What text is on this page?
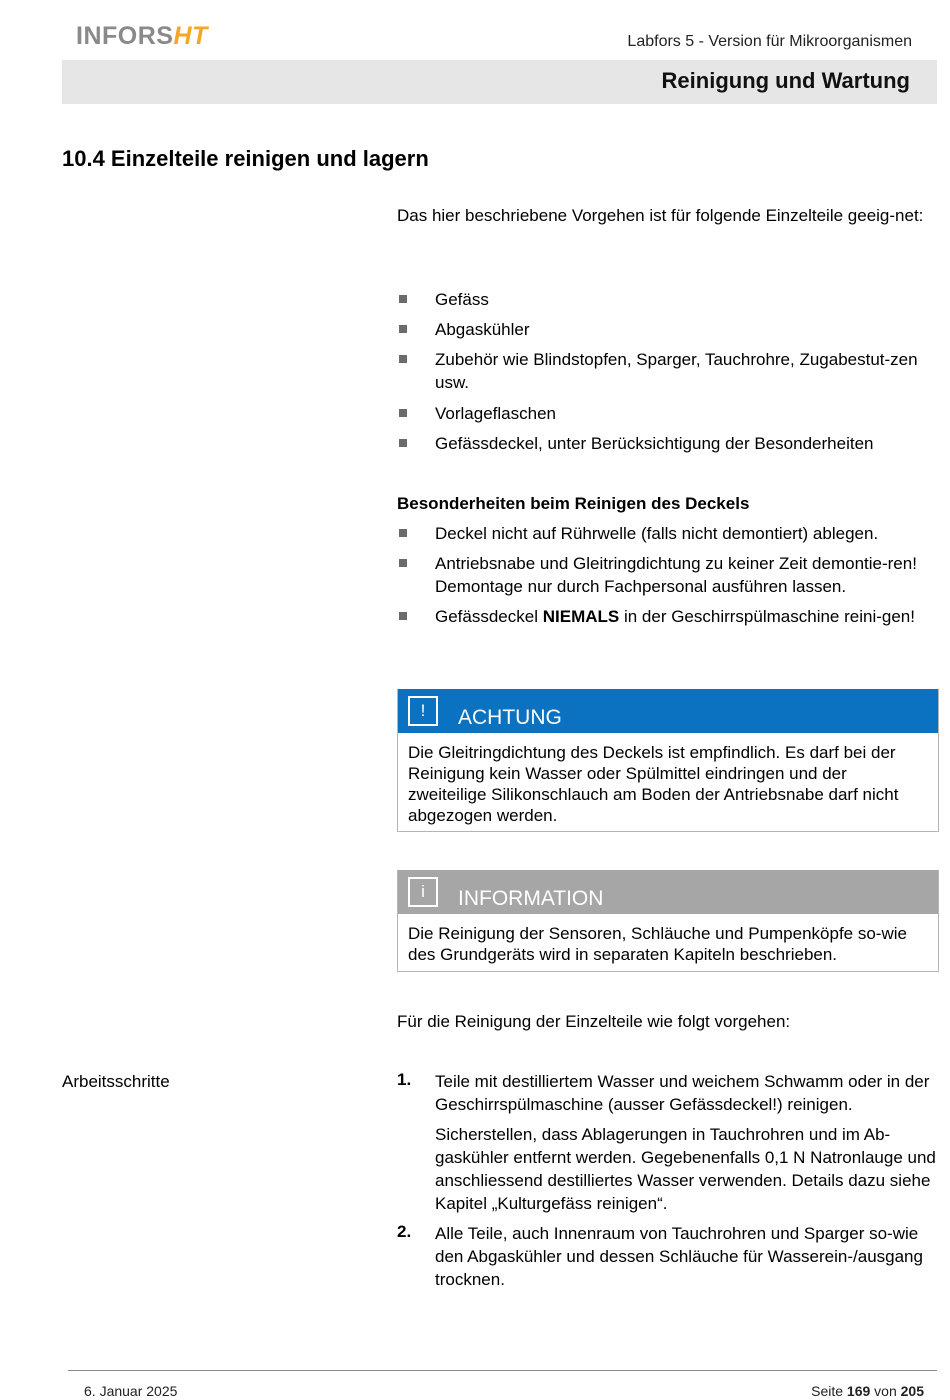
INFORSHT	Labfors 5 - Version für Mikroorganismen
Reinigung und Wartung
10.4 Einzelteile reinigen und lagern
Das hier beschriebene Vorgehen ist für folgende Einzelteile geeig-net:
Gefäss
Abgaskühler
Zubehör wie Blindstopfen, Sparger, Tauchrohre, Zugabestut-zen usw.
Vorlageflaschen
Gefässdeckel, unter Berücksichtigung der Besonderheiten
Besonderheiten beim Reinigen des Deckels
Deckel nicht auf Rührwelle (falls nicht demontiert) ablegen.
Antriebsnabe und Gleitringdichtung zu keiner Zeit demontie-ren! Demontage nur durch Fachpersonal ausführen lassen.
Gefässdeckel NIEMALS in der Geschirrspülmaschine reini-gen!
!	ACHTUNG
Die Gleitringdichtung des Deckels ist empfindlich. Es darf bei der Reinigung kein Wasser oder Spülmittel eindringen und der zweiteilige Silikonschlauch am Boden der Antriebsnabe darf nicht abgezogen werden.
i	INFORMATION
Die Reinigung der Sensoren, Schläuche und Pumpenköpfe so-wie des Grundgeräts wird in separaten Kapiteln beschrieben.
Für die Reinigung der Einzelteile wie folgt vorgehen:
Arbeitsschritte	1. Teile mit destilliertem Wasser und weichem Schwamm oder in der Geschirrspülmaschine (ausser Gefässdeckel!) reinigen.
Sicherstellen, dass Ablagerungen in Tauchrohren und im Ab-gaskühler entfernt werden. Gegebenenfalls 0,1 N Natronlauge und anschliessend destilliertes Wasser verwenden. Details dazu siehe Kapitel „Kulturgefäss reinigen“.
2. Alle Teile, auch Innenraum von Tauchrohren und Sparger so-wie den Abgaskühler und dessen Schläuche für Wasserein-/ausgang trocknen.
6. Januar 2025	Seite 169 von 205
